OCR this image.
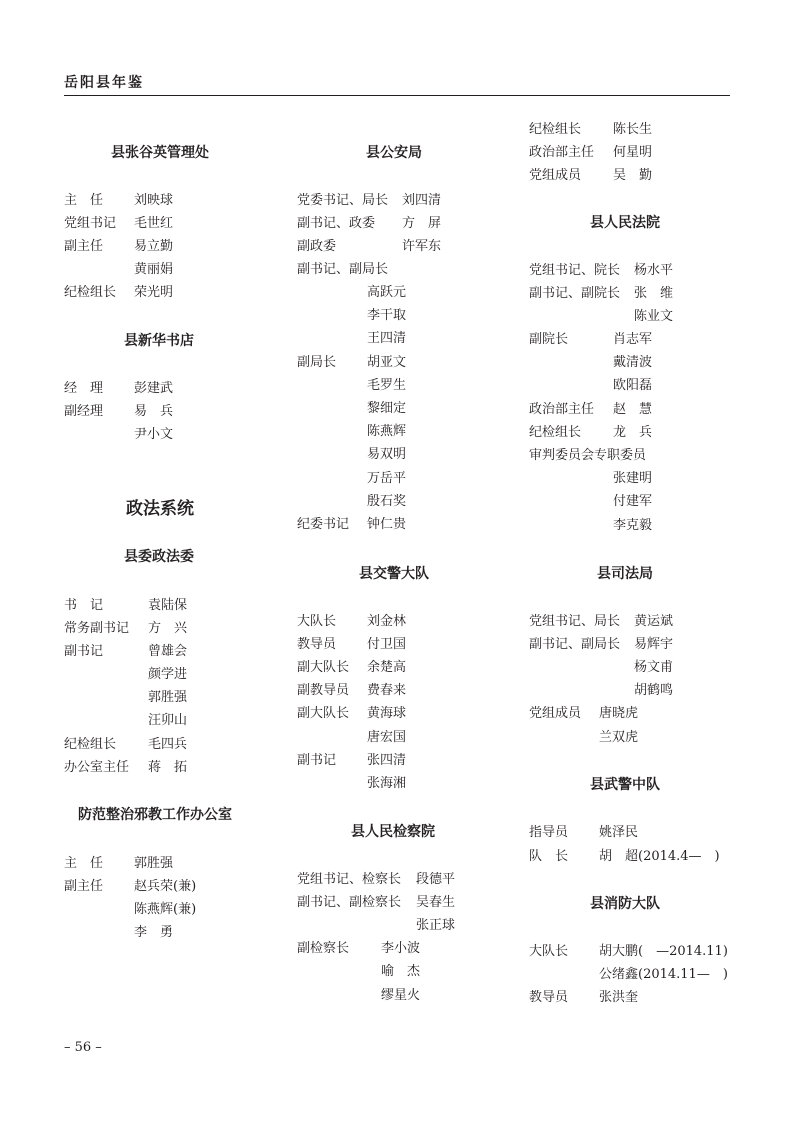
岳阳县年鉴
县张谷英管理处
主　任 刘映球
党组书记 毛世红
副主任 易立勤
黄丽娟
纪检组长 荣光明
县新华书店
经　理 彭建武
副经理 易　兵
尹小文
政法系统
县委政法委
书　记	袁陆保
常务副书记 方　兴
副书记	曾雄会
颜学进
郭胜强
汪卯山
纪检组长 毛四兵
办公室主任 蒋　拓
防范整治邪教工作办公室
主　任 郭胜强
副主任 赵兵荣(兼)
陈燕辉(兼)
李　勇
县公安局
党委书记、局长 刘四清
副书记、政委 方　屏
副政委	许军东
副书记、副局长
高跃元
李干取
王四清
副局长 胡亚文
毛罗生
黎细定
陈燕辉
易双明
万岳平
殷石奖
纪委书记 钟仁贵
县交警大队
大队长 刘金林
教导员 付卫国
副大队长 余楚高
副教导员 费春来
副大队长 黄海球
唐宏国
副书记 张四清
张海湘
县人民检察院
党组书记、检察长 段德平
副书记、副检察长 吴春生
张正球
副检察长 李小波
喻　杰
缪星火
纪检组长 陈长生
政治部主任 何星明
党组成员 吴　勤
县人民法院
党组书记、院长 杨水平
副书记、副院长 张　维
陈业文
副院长	肖志军
戴清波
欧阳磊
政治部主任 赵　慧
纪检组长 龙　兵
审判委员会专职委员
张建明
付建军
李克毅
县司法局
党组书记、局长 黄运斌
副书记、副局长 易辉宇
杨文甫
胡鹤鸣
党组成员 唐晓虎
兰双虎
县武警中队
指导员 姚泽民
队　长 胡　超(2014.4—　)
县消防大队
大队长 胡大鹏(　—2014.11)
公绪鑫(2014.11—　)
教导员 张洪奎
– 56 –
